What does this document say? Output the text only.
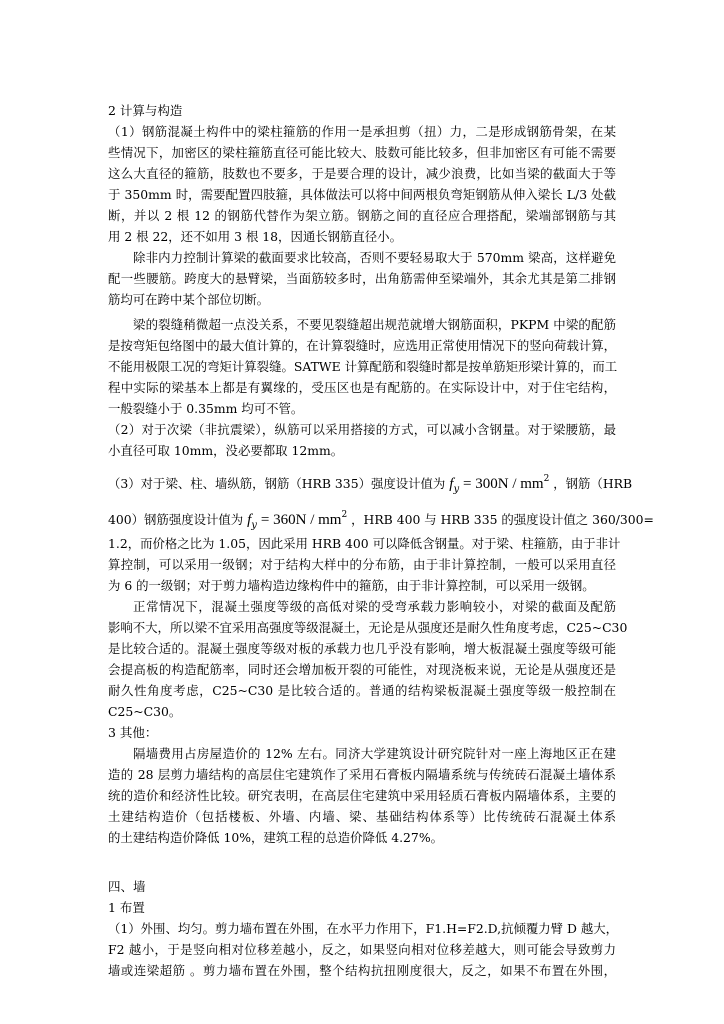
2 计算与构造
（1）钢筋混凝土构件中的梁柱箍筋的作用一是承担剪（扭）力，二是形成钢筋骨架，在某
些情况下，加密区的梁柱箍筋直径可能比较大、肢数可能比较多，但非加密区有可能不需要
这么大直径的箍筋，肢数也不要多，于是要合理的设计，减少浪费，比如当梁的截面大于等
于 350mm 时，需要配置四肢箍，具体做法可以将中间两根负弯矩钢筋从伸入梁长 L/3 处截
断，并以 2 根 12 的钢筋代替作为架立筋。钢筋之间的直径应合理搭配，梁端部钢筋与其
用 2 根 22，还不如用 3 根 18，因通长钢筋直径小。
除非内力控制计算梁的截面要求比较高，否则不要轻易取大于 570mm 梁高，这样避免
配一些腰筋。跨度大的悬臂梁，当面筋较多时，出角筋需伸至梁端外，其余尤其是第二排钢
筋均可在跨中某个部位切断。
梁的裂缝稍微超一点没关系，不要见裂缝超出规范就增大钢筋面积，PKPM 中梁的配筋
是按弯矩包络图中的最大值计算的，在计算裂缝时，应选用正常使用情况下的竖向荷载计算，
不能用极限工况的弯矩计算裂缝。SATWE 计算配筋和裂缝时都是按单筋矩形梁计算的，而工
程中实际的梁基本上都是有翼缘的，受压区也是有配筋的。在实际设计中，对于住宅结构，
一般裂缝小于 0.35mm 均可不管。
（2）对于次梁（非抗震梁），纵筋可以采用搭接的方式，可以减小含钢量。对于梁腰筋，最
小直径可取 10mm，没必要都取 12mm。
（3）对于梁、柱、墙纵筋，钢筋（HRB 335）强度设计值为 $f_y = 300N / mm^2$ ，钢筋（HRB
400）钢筋强度设计值为 $f_y = 360N / mm^2$ ，HRB 400 与 HRB 335 的强度设计值之 360/300=
1.2，而价格之比为 1.05，因此采用 HRB 400 可以降低含钢量。对于梁、柱箍筋，由于非计
算控制，可以采用一级钢；对于结构大样中的分布筋，由于非计算控制，一般可以采用直径
为 6 的一级钢；对于剪力墙构造边缘构件中的箍筋，由于非计算控制，可以采用一级钢。
正常情况下，混凝土强度等级的高低对梁的受弯承载力影响较小，对梁的截面及配筋
影响不大，所以梁不宜采用高强度等级混凝土，无论是从强度还是耐久性角度考虑，C25~C30
是比较合适的。混凝土强度等级对板的承载力也几乎没有影响，增大板混凝土强度等级可能
会提高板的构造配筋率，同时还会增加板开裂的可能性，对现浇板来说，无论是从强度还是
耐久性角度考虑，C25~C30 是比较合适的。普通的结构梁板混凝土强度等级一般控制在
C25~C30。
3 其他：
隔墙费用占房屋造价的 12% 左右。同济大学建筑设计研究院针对一座上海地区正在建
造的 28 层剪力墙结构的高层住宅建筑作了采用石膏板内隔墙系统与传统砖石混凝土墙体系
统的造价和经济性比较。研究表明，在高层住宅建筑中采用轻质石膏板内隔墙体系，主要的
土建结构造价（包括楼板、外墙、内墙、梁、基础结构体系等）比传统砖石混凝土体系
的土建结构造价降低 10%，建筑工程的总造价降低 4.27%。
四、墙
1 布置
（1）外围、均匀。剪力墙布置在外围，在水平力作用下，F1.H=F2.D,抗倾覆力臂 D 越大，
F2 越小，于是竖向相对位移差越小，反之，如果竖向相对位移差越大，则可能会导致剪力
墙或连梁超筋 。剪力墙布置在外围，整个结构抗扭刚度很大，反之，如果不布置在外围，
